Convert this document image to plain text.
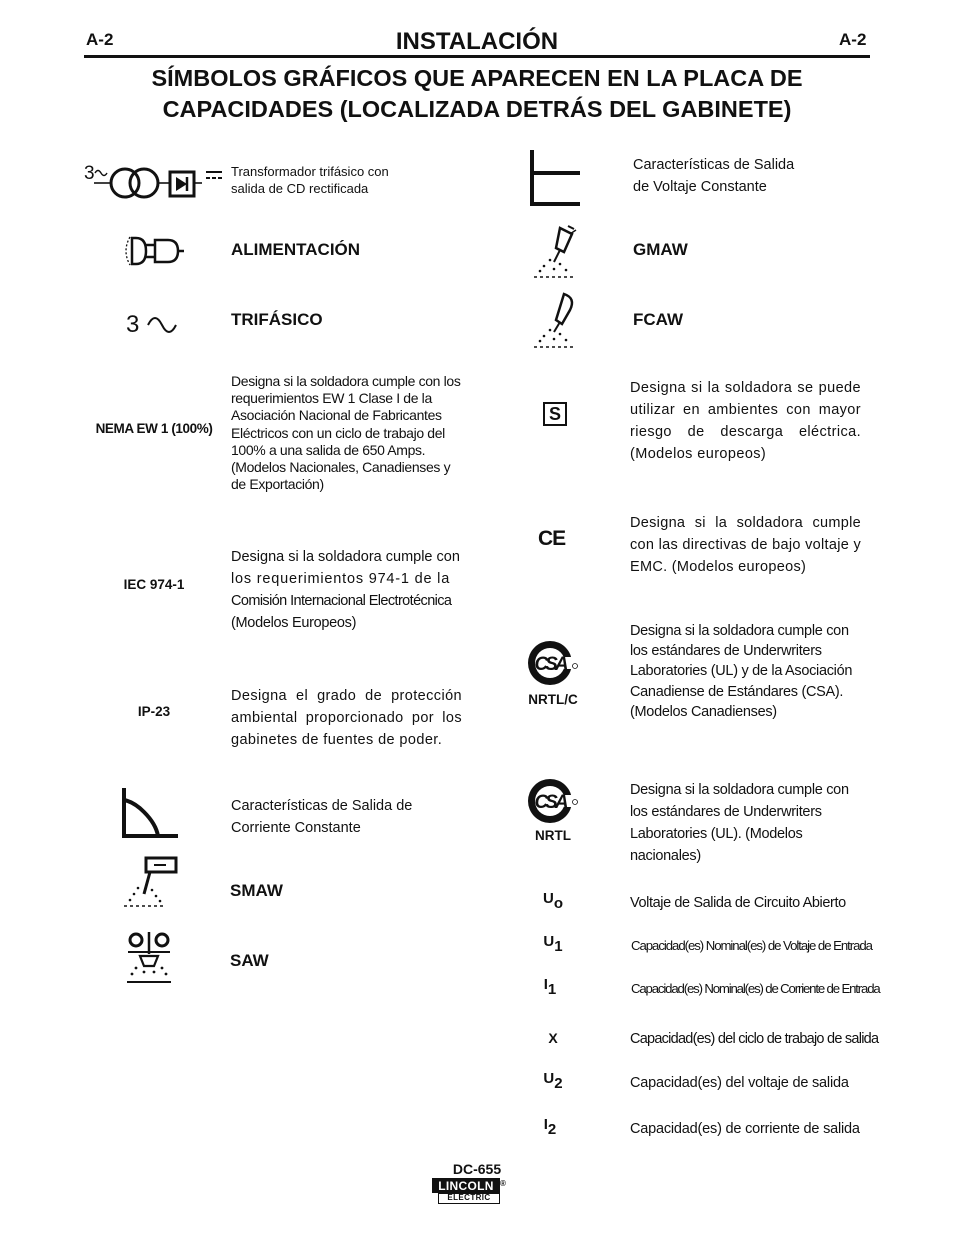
A-2	A-2
INSTALACIÓN
SÍMBOLOS GRÁFICOS QUE APARECEN EN LA PLACA DE
CAPACIDADES (LOCALIZADA DETRÁS DEL GABINETE)
3	Transformador trifásico con
salida de CD rectificada
ALIMENTACIÓN
3	TRIFÁSICO
NEMA EW 1 (100%)
Designa si la soldadora cumple con los requerimientos EW 1 Clase I de la Asociación Nacional de Fabricantes Eléctricos con un ciclo de trabajo del 100% a una salida de 650 Amps. (Modelos Nacionales, Canadienses y de Exportación)
IEC 974-1
Designa si la soldadora cumple con
los requerimientos 974-1 de la
Comisión Internacional Electrotécnica
(Modelos Europeos)
IP-23
Designa el grado de protección ambiental proporcionado por los gabinetes de fuentes de poder.
Características de Salida de
Corriente Constante
SMAW
SAW
Características de Salida
de Voltaje Constante
GMAW
FCAW
S
Designa si la soldadora se puede utilizar en ambientes con mayor riesgo de descarga eléctrica. (Modelos europeos)
CE
Designa si la soldadora cumple con las directivas de bajo voltaje y EMC. (Modelos europeos)
CSA
NRTL/C
Designa si la soldadora cumple con los estándares de Underwriters Laboratories (UL) y de la Asociación Canadiense de Estándares (CSA). (Modelos Canadienses)
CSA
NRTL
Designa si la soldadora cumple con
los estándares de Underwriters
Laboratories (UL). (Modelos
nacionales)
$U_o$	Voltaje de Salida de Circuito Abierto
$U_1$	Capacidad(es) Nominal(es) de Voltaje de Entrada
$I_1$	Capacidad(es) Nominal(es) de Corriente de Entrada
X	Capacidad(es) del ciclo de trabajo de salida
$U_2$	Capacidad(es) del voltaje de salida
$I_2$	Capacidad(es) de corriente de salida
DC-655
LINCOLN
ELECTRIC
®
